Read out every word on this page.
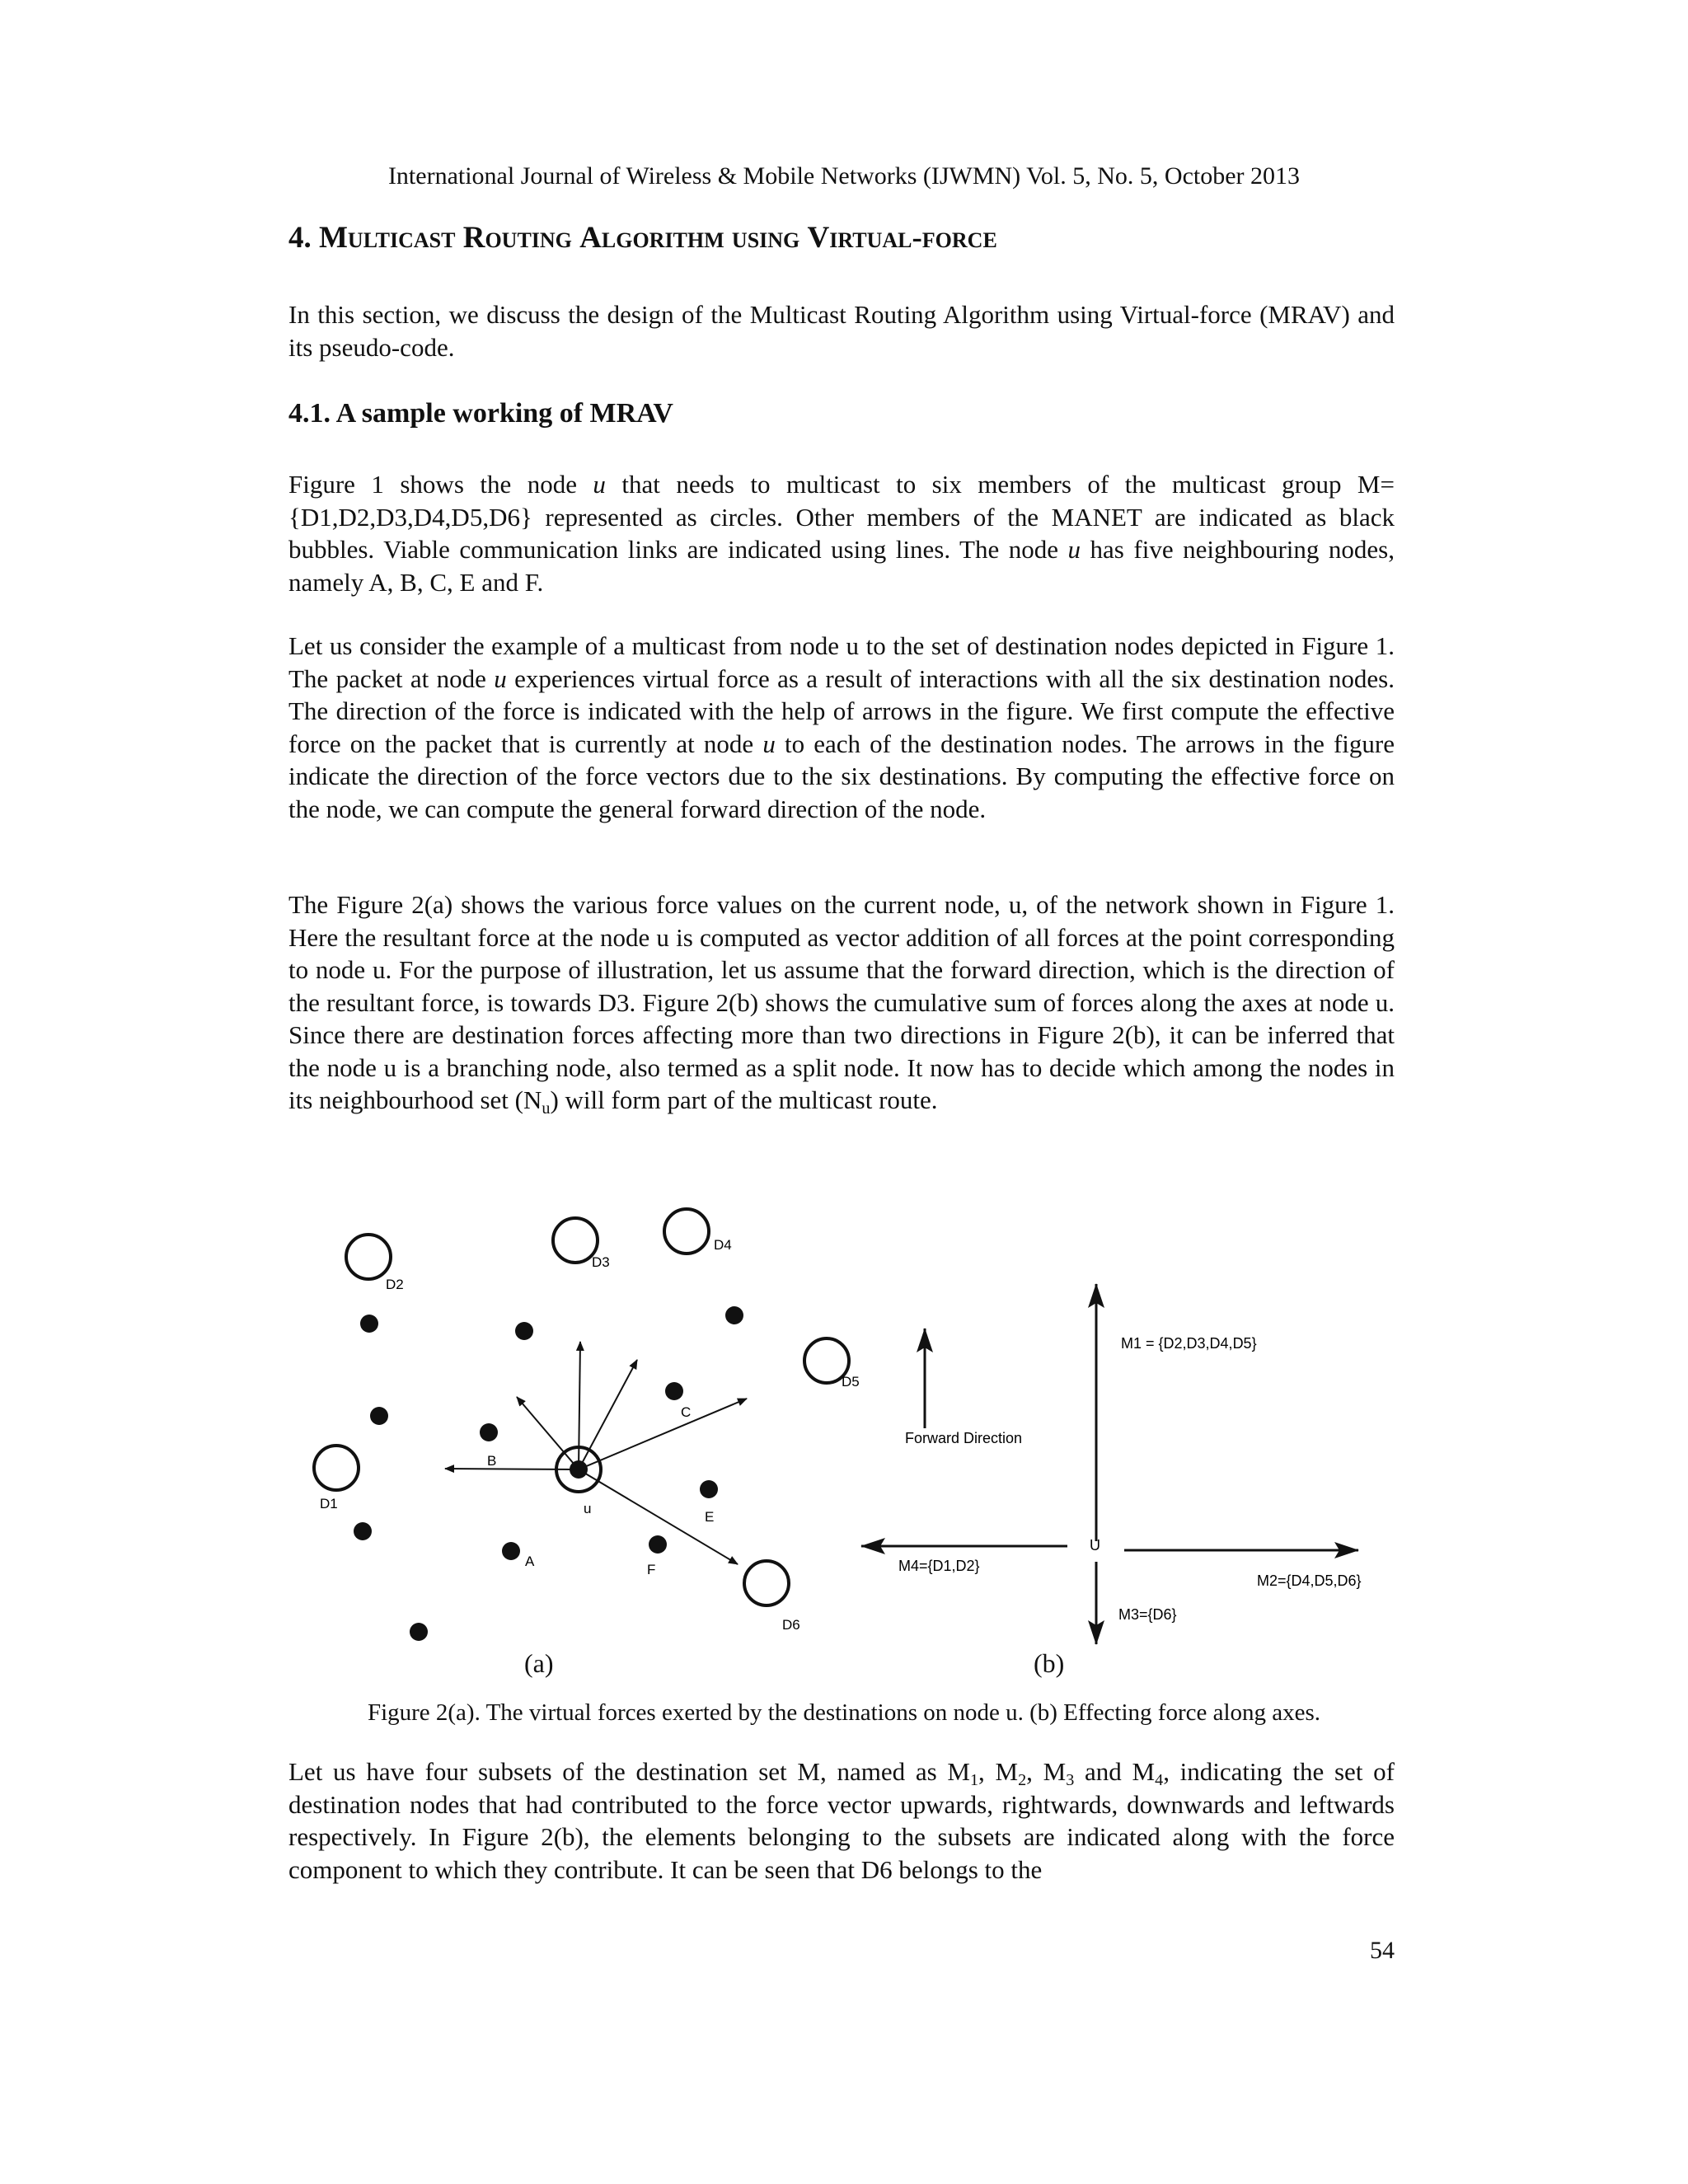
International Journal of Wireless & Mobile Networks (IJWMN) Vol. 5, No. 5, October 2013
4. Multicast Routing Algorithm using Virtual-force

In this section, we discuss the design of the Multicast Routing Algorithm using Virtual-force (MRAV) and its pseudo-code.

4.1. A sample working of MRAV

Figure 1 shows the node u that needs to multicast to six members of the multicast group M={D1,D2,D3,D4,D5,D6} represented as circles. Other members of the MANET are indicated as black bubbles. Viable communication links are indicated using lines. The node u has five neighbouring nodes, namely A, B, C, E and F.

Let us consider the example of a multicast from node u to the set of destination nodes depicted in Figure 1. The packet at node u experiences virtual force as a result of interactions with all the six destination nodes. The direction of the force is indicated with the help of arrows in the figure. We first compute the effective force on the packet that is currently at node u to each of the destination nodes. The arrows in the figure indicate the direction of the force vectors due to the six destinations. By computing the effective force on the node, we can compute the general forward direction of the node.

The Figure 2(a) shows the various force values on the current node, u, of the network shown in Figure 1. Here the resultant force at the node u is computed as vector addition of all forces at the point corresponding to node u. For the purpose of illustration, let us assume that the forward direction, which is the direction of the resultant force, is towards D3. Figure 2(b) shows the cumulative sum of forces along the axes at node u. Since there are destination forces affecting more than two directions in Figure 2(b), it can be inferred that the node u is a branching node, also termed as a split node. It now has to decide which among the nodes in its neighbourhood set $(N_u)$ will form part of the multicast route.

D1
D2
D3
D4
D5
D6
A
B
C
E
F
u
Forward Direction
U
M1 = {D2,D3,D4,D5}
M2={D4,D5,D6}
M3={D6}
M4={D1,D2}
(a)	(b)
Figure 2(a). The virtual forces exerted by the destinations on node u. (b) Effecting force along axes.

Let us have four subsets of the destination set M, named as $M_1$, $M_2$, $M_3$ and $M_4$, indicating the set of destination nodes that had contributed to the force vector upwards, rightwards, downwards and leftwards respectively. In Figure 2(b), the elements belonging to the subsets are indicated along with the force component to which they contribute. It can be seen that D6 belongs to the

54
